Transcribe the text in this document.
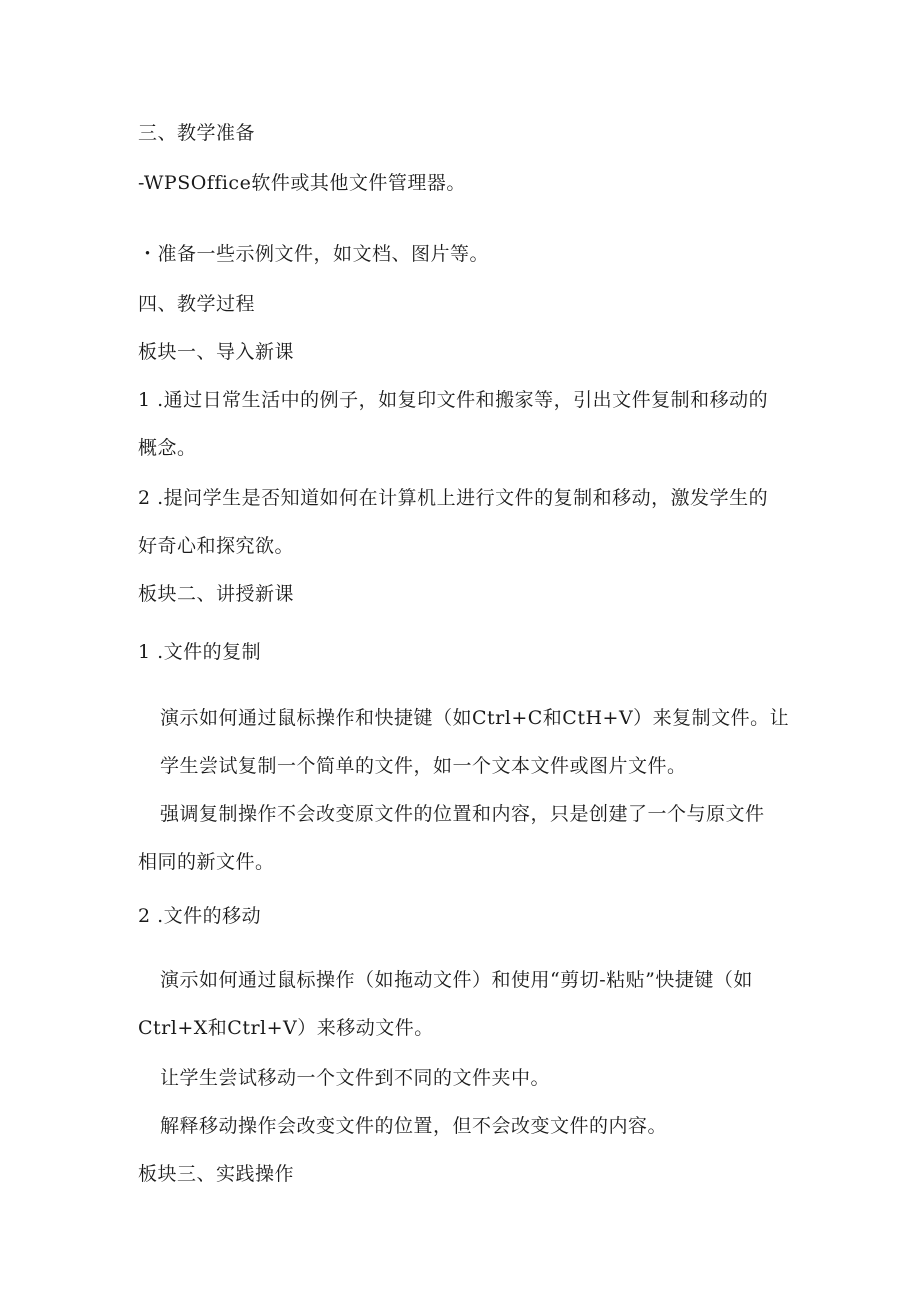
三、教学准备
-WPSOffice软件或其他文件管理器。
・准备一些示例文件，如文档、图片等。
四、教学过程
板块一、导入新课
1 .通过日常生活中的例子，如复印文件和搬家等，引出文件复制和移动的
概念。
2 .提问学生是否知道如何在计算机上进行文件的复制和移动，激发学生的
好奇心和探究欲。
板块二、讲授新课
1 .文件的复制
演示如何通过鼠标操作和快捷键（如Ctrl+C和CtH+V）来复制文件。让
学生尝试复制一个简单的文件，如一个文本文件或图片文件。
强调复制操作不会改变原文件的位置和内容，只是创建了一个与原文件
相同的新文件。
2 .文件的移动
演示如何通过鼠标操作（如拖动文件）和使用“剪切-粘贴”快捷键（如
Ctrl+X和Ctrl+V）来移动文件。
让学生尝试移动一个文件到不同的文件夹中。
解释移动操作会改变文件的位置，但不会改变文件的内容。
板块三、实践操作
